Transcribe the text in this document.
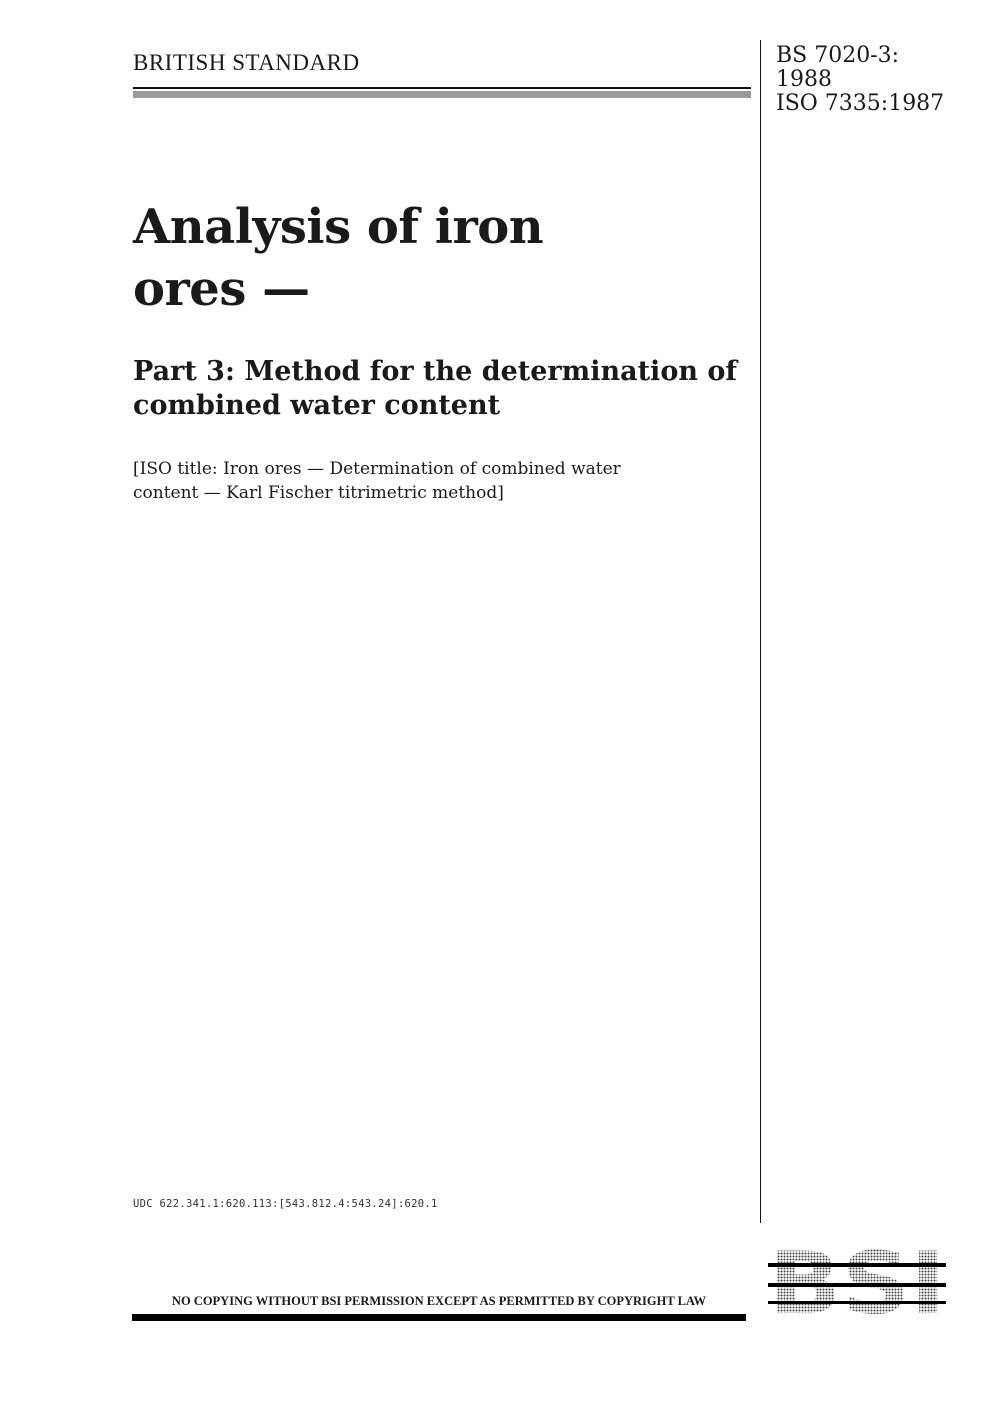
BRITISH STANDARD	BS 7020-3:
1988
ISO 7335:1987
Analysis of iron
ores —
Part 3: Method for the determination of
combined water content
[ISO title: Iron ores — Determination of combined water
content — Karl Fischer titrimetric method]
UDC 622.341.1:620.113:[543.812.4:543.24]:620.1
NO COPYING WITHOUT BSI PERMISSION EXCEPT AS PERMITTED BY COPYRIGHT LAW
